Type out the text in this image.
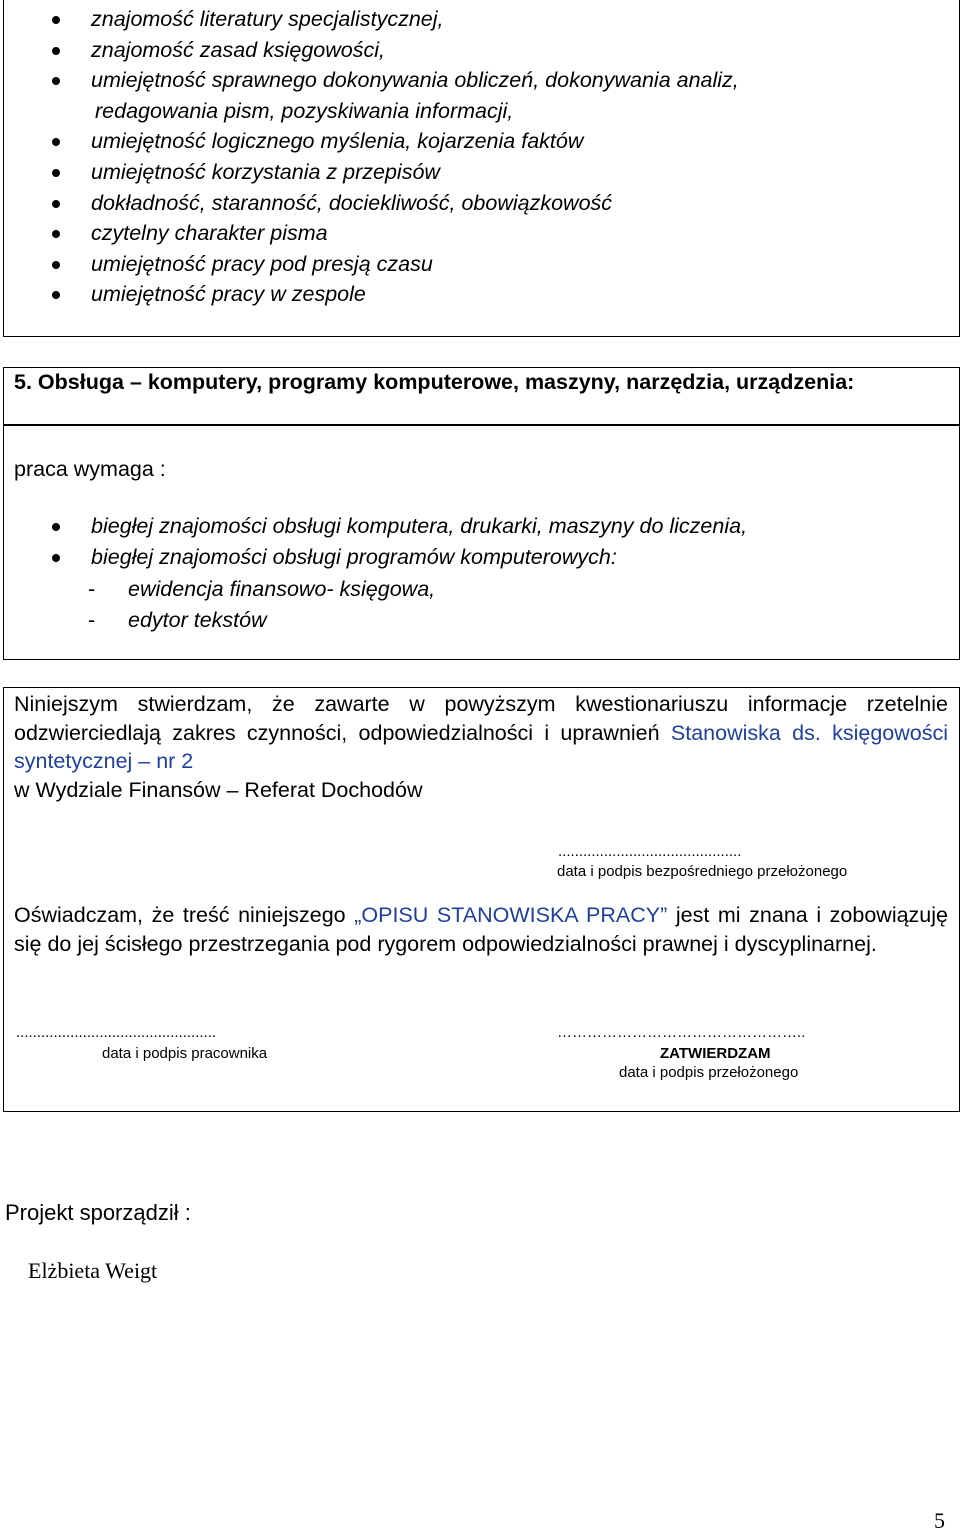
znajomość literatury specjalistycznej,
znajomość zasad księgowości,
umiejętność sprawnego dokonywania obliczeń, dokonywania analiz,
redagowania pism, pozyskiwania informacji,
umiejętność logicznego myślenia, kojarzenia faktów
umiejętność korzystania z przepisów
dokładność, staranność, dociekliwość, obowiązkowość
czytelny charakter pisma
umiejętność pracy pod presją czasu
umiejętność pracy w zespole
5. Obsługa – komputery, programy komputerowe, maszyny, narzędzia, urządzenia:
praca wymaga :
biegłej znajomości obsługi komputera, drukarki, maszyny do liczenia,
biegłej znajomości obsługi programów komputerowych:
- ewidencja finansowo- księgowa,
- edytor tekstów
Niniejszym stwierdzam, że zawarte w powyższym kwestionariuszu informacje rzetelnie odzwierciedlają zakres czynności, odpowiedzialności i uprawnień Stanowiska ds. księgowości syntetycznej – nr 2
w Wydziale Finansów – Referat Dochodów
............................................
data i podpis bezpośredniego przełożonego
Oświadczam, że treść niniejszego „OPISU STANOWISKA PRACY” jest mi znana i zobowiązuję się do jej ścisłego przestrzegania pod rygorem odpowiedzialności prawnej i dyscyplinarnej.
................................................
data i podpis pracownika
…………………………………………..
ZATWIERDZAM
data i podpis przełożonego
Projekt sporządził :
Elżbieta Weigt
5
